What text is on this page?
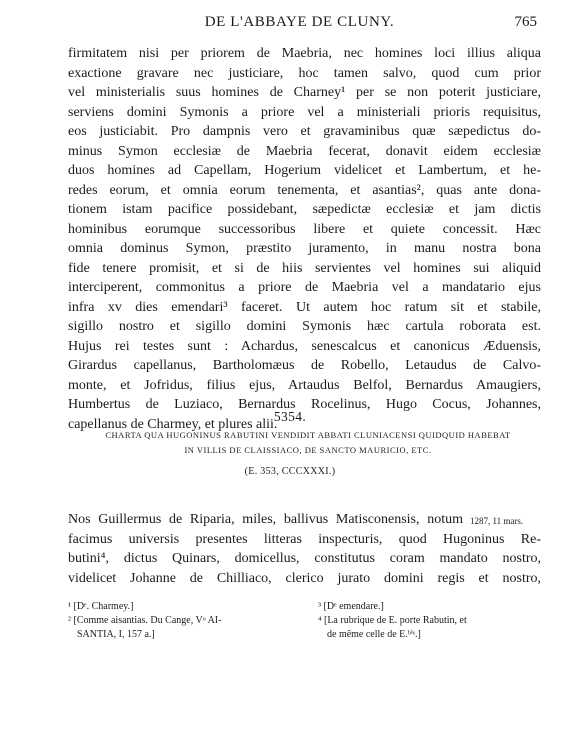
DE L'ABBAYE DE CLUNY.	765
firmitatem nisi per priorem de Maebria, nec homines loci illius aliqua
exactione gravare nec justiciare, hoc tamen salvo, quod cum prior
vel ministerialis suus homines de Charney¹ per se non poterit justiciare,
serviens domini Symonis a priore vel a ministeriali prioris requisitus,
eos justiciabit. Pro dampnis vero et gravaminibus quæ sæpedictus do-
minus Symon ecclesiæ de Maebria fecerat, donavit eidem ecclesiæ
duos homines ad Capellam, Hogerium videlicet et Lambertum, et he-
redes eorum, et omnia eorum tenementa, et asantias², quas ante dona-
tionem istam pacifice possidebant, sæpedictæ ecclesiæ et jam dictis
hominibus eorumque successoribus libere et quiete concessit. Hæc
omnia dominus Symon, præstito juramento, in manu nostra bona
fide tenere promisit, et si de hiis servientes vel homines sui aliquid
interciperent, commonitus a priore de Maebria vel a mandatario ejus
infra xv dies emendari³ faceret. Ut autem hoc ratum sit et stabile,
sigillo nostro et sigillo domini Symonis hæc cartula roborata est.
Hujus rei testes sunt : Achardus, senescalcus et canonicus Æduensis,
Girardus capellanus, Bartholomæus de Robello, Letaudus de Calvo-
monte, et Jofridus, filius ejus, Artaudus Belfol, Bernardus Amaugiers,
Humbertus de Luziaco, Bernardus Rocelinus, Hugo Cocus, Johannes,
capellanus de Charmey, et plures alii.
5354.
CHARTA QUA HUGONINUS RABUTINI VENDIDIT ABBATI CLUNIACENSI QUIDQUID HABEBAT
IN VILLIS DE CLAISSIACO, DE SANCTO MAURICIO, ETC.
(E. 353, CCCXXXI.)
Nos Guillermus de Riparia, miles, ballivus Matisconensis, notum
facimus universis presentes litteras inspecturis, quod Hugoninus Re-
butini⁴, dictus Quinars, domicellus, constitutus coram mandato nostro,
videlicet Johanne de Chilliaco, clerico jurato domini regis et nostro,
1287, 11 mars.
¹ [Dᵉ. Charmey.]
² [Comme aisantias. Du Cange, Vᵒ AI-
SANTIA, I, 157 a.]
³ [Dᵉ emendare.]
⁴ [La rubrique de E. porte Rabutin, et
de même celle de E.ᵇⁱˢ.]
